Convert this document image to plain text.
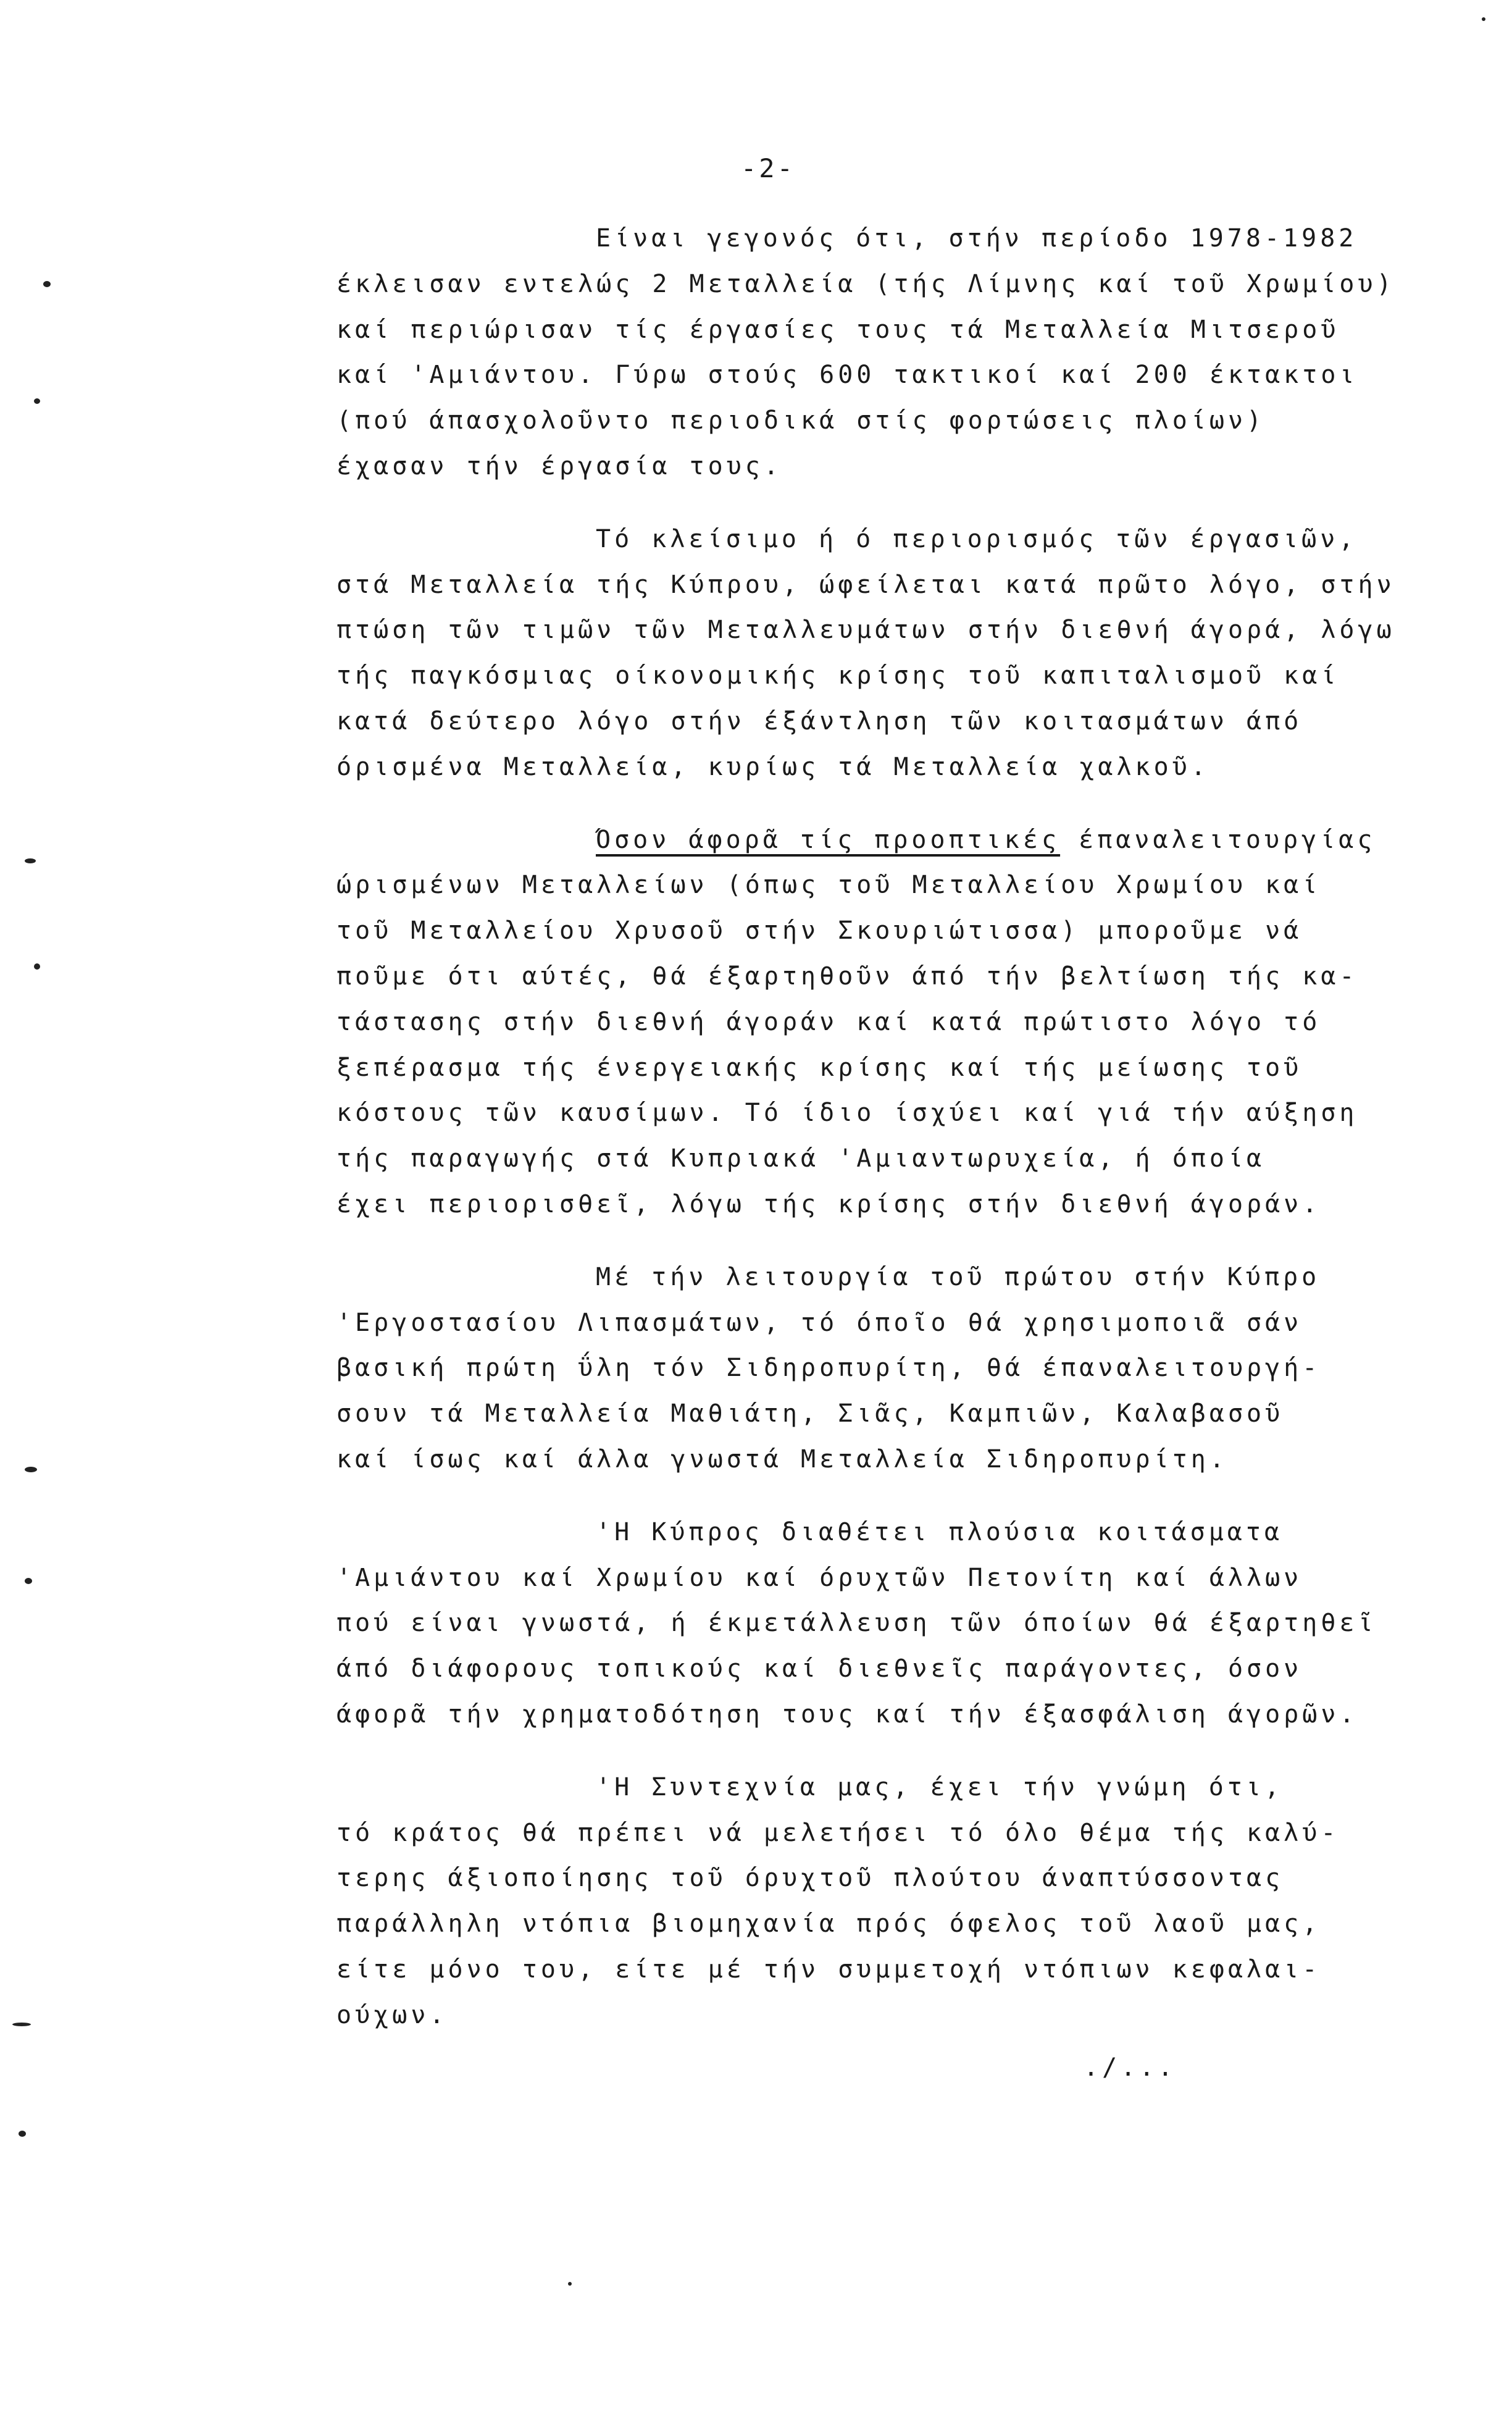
-2-
Είναι γεγονός ότι, στήν περίοδο 1978-1982
έκλεισαν εντελώς 2 Μεταλλεία (τής Λίμνης καί τοῦ Χρωμίου)
καί περιώρισαν τίς έργασίες τους τά Μεταλλεία Μιτσεροῦ
καί 'Αμιάντου. Γύρω στούς 600 τακτικοί καί 200 έκτακτοι
(πού άπασχολοῦντο περιοδικά στίς φορτώσεις πλοίων)
έχασαν τήν έργασία τους.
Τό κλείσιμο ή ό περιορισμός τῶν έργασιῶν,
στά Μεταλλεία τής Κύπρου, ώφείλεται κατά πρῶτο λόγο, στήν
πτώση τῶν τιμῶν τῶν Μεταλλευμάτων στήν διεθνή άγορά, λόγω
τής παγκόσμιας οίκονομικής κρίσης τοῦ καπιταλισμοῦ καί
κατά δεύτερο λόγο στήν έξάντληση τῶν κοιτασμάτων άπό
όρισμένα Μεταλλεία, κυρίως τά Μεταλλεία χαλκοῦ.
Όσον άφορᾶ τίς προοπτικές έπαναλειτουργίας
ώρισμένων Μεταλλείων (όπως τοῦ Μεταλλείου Χρωμίου καί
τοῦ Μεταλλείου Χρυσοῦ στήν Σκουριώτισσα) μποροῦμε νά
ποῦμε ότι αύτές, θά έξαρτηθοῦν άπό τήν βελτίωση τής κα-
τάστασης στήν διεθνή άγοράν καί κατά πρώτιστο λόγο τό
ξεπέρασμα τής ένεργειακής κρίσης καί τής μείωσης τοῦ
κόστους τῶν καυσίμων. Τό ίδιο ίσχύει καί γιά τήν αύξηση
τής παραγωγής στά Κυπριακά 'Αμιαντωρυχεία, ή όποία
έχει περιορισθεῖ, λόγω τής κρίσης στήν διεθνή άγοράν.
Μέ τήν λειτουργία τοῦ πρώτου στήν Κύπρο
'Εργοστασίου Λιπασμάτων, τό όποῖο θά χρησιμοποιᾶ σάν
βασική πρώτη ΰλη τόν Σιδηροπυρίτη, θά έπαναλειτουργή-
σουν τά Μεταλλεία Μαθιάτη, Σιᾶς, Καμπιῶν, Καλαβασοῦ
καί ίσως καί άλλα γνωστά Μεταλλεία Σιδηροπυρίτη.
'Η Κύπρος διαθέτει πλούσια κοιτάσματα
'Αμιάντου καί Χρωμίου καί όρυχτῶν Πετονίτη καί άλλων
πού είναι γνωστά, ή έκμετάλλευση τῶν όποίων θά έξαρτηθεῖ
άπό διάφορους τοπικούς καί διεθνεῖς παράγοντες, όσον
άφορᾶ τήν χρηματοδότηση τους καί τήν έξασφάλιση άγορῶν.
'Η Συντεχνία μας, έχει τήν γνώμη ότι,
τό κράτος θά πρέπει νά μελετήσει τό όλο θέμα τής καλύ-
τερης άξιοποίησης τοῦ όρυχτοῦ πλούτου άναπτύσσοντας
παράλληλη ντόπια βιομηχανία πρός όφελος τοῦ λαοῦ μας,
είτε μόνο του, είτε μέ τήν συμμετοχή ντόπιων κεφαλαι-
ούχων.
./...
